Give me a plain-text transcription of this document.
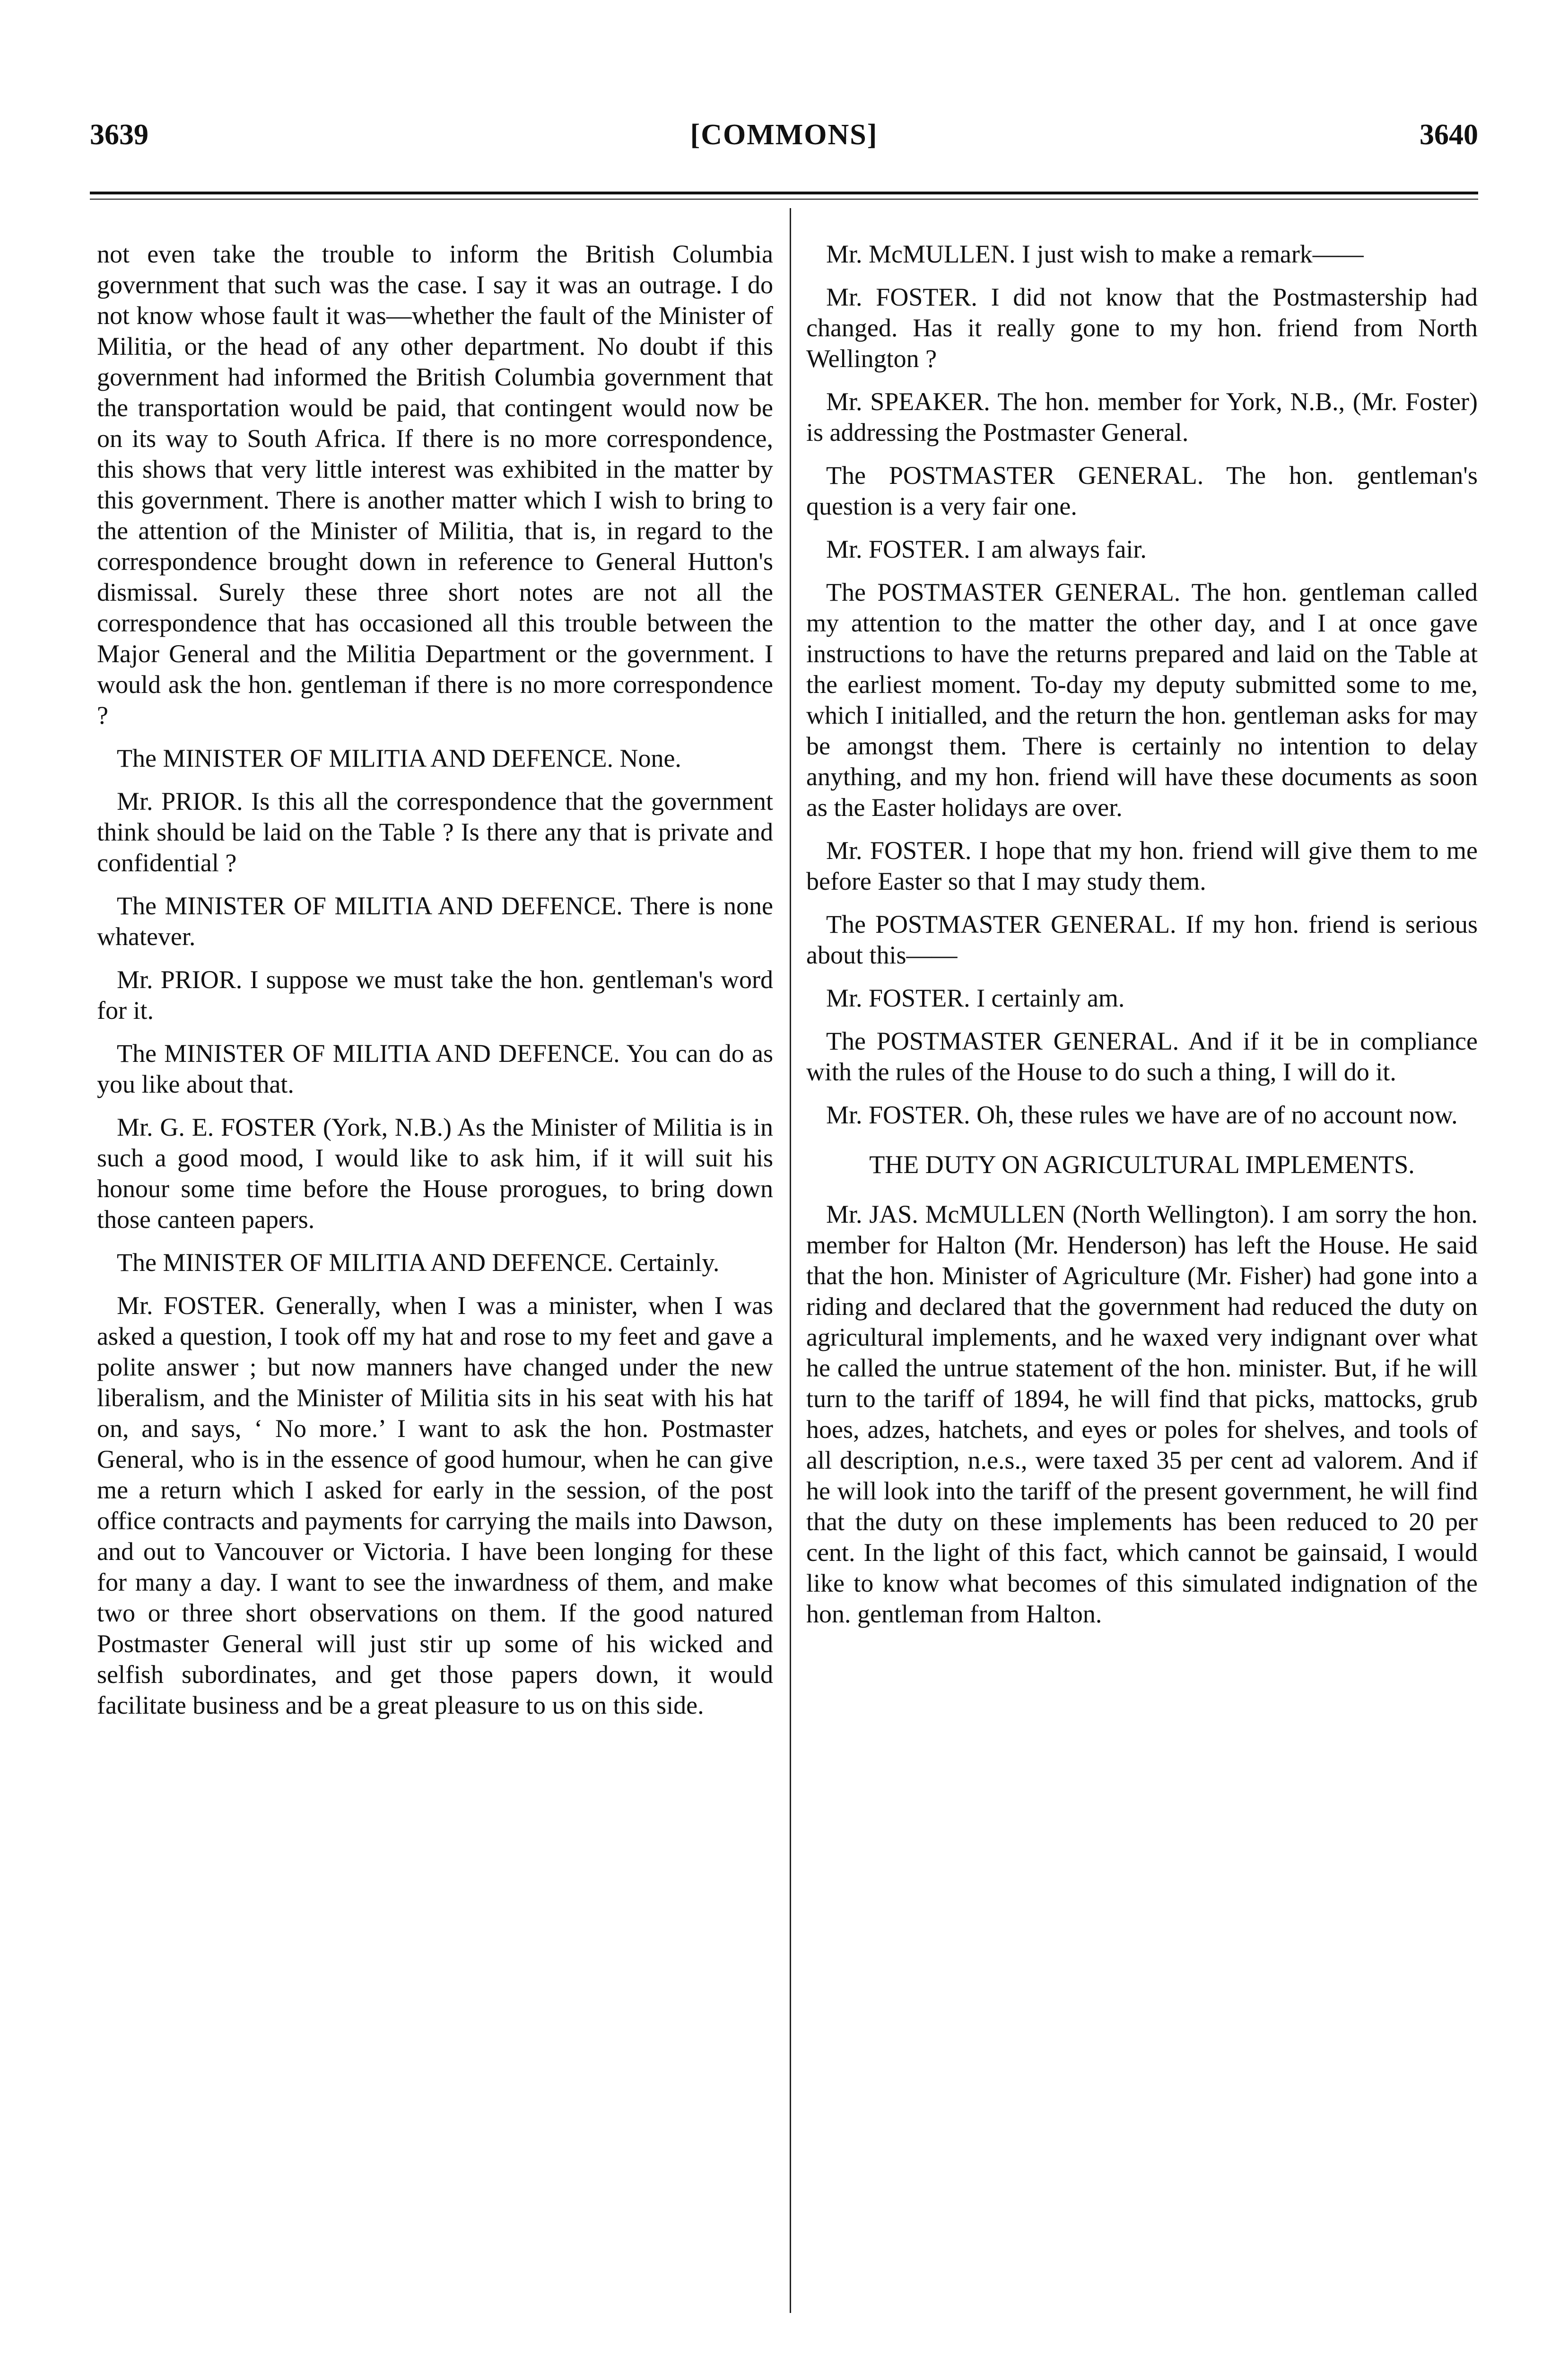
3639	[COMMONS]	3640

not even take the trouble to inform the British Columbia government that such was the case. I say it was an outrage. I do not know whose fault it was—whether the fault of the Minister of Militia, or the head of any other department. No doubt if this government had informed the British Columbia government that the transportation would be paid, that contingent would now be on its way to South Africa. If there is no more correspondence, this shows that very little interest was exhibited in the matter by this government. There is another matter which I wish to bring to the attention of the Minister of Militia, that is, in regard to the correspondence brought down in reference to General Hutton's dismissal. Surely these three short notes are not all the correspondence that has occasioned all this trouble between the Major General and the Militia Department or the government. I would ask the hon. gentleman if there is no more correspondence ?

The MINISTER OF MILITIA AND DEFENCE. None.

Mr. PRIOR. Is this all the correspondence that the government think should be laid on the Table ? Is there any that is private and confidential ?

The MINISTER OF MILITIA AND DEFENCE. There is none whatever.

Mr. PRIOR. I suppose we must take the hon. gentleman's word for it.

The MINISTER OF MILITIA AND DEFENCE. You can do as you like about that.

Mr. G. E. FOSTER (York, N.B.) As the Minister of Militia is in such a good mood, I would like to ask him, if it will suit his honour some time before the House prorogues, to bring down those canteen papers.

The MINISTER OF MILITIA AND DEFENCE. Certainly.

Mr. FOSTER. Generally, when I was a minister, when I was asked a question, I took off my hat and rose to my feet and gave a polite answer ; but now manners have changed under the new liberalism, and the Minister of Militia sits in his seat with his hat on, and says, ‘ No more.’ I want to ask the hon. Postmaster General, who is in the essence of good humour, when he can give me a return which I asked for early in the session, of the post office contracts and payments for carrying the mails into Dawson, and out to Vancouver or Victoria. I have been longing for these for many a day. I want to see the inwardness of them, and make two or three short observations on them. If the good natured Postmaster General will just stir up some of his wicked and selfish subordinates, and get those papers down, it would facilitate business and be a great pleasure to us on this side.

Mr. McMULLEN. I just wish to make a remark——

Mr. FOSTER. I did not know that the Postmastership had changed. Has it really gone to my hon. friend from North Wellington ?

Mr. SPEAKER. The hon. member for York, N.B., (Mr. Foster) is addressing the Postmaster General.

The POSTMASTER GENERAL. The hon. gentleman's question is a very fair one.

Mr. FOSTER. I am always fair.

The POSTMASTER GENERAL. The hon. gentleman called my attention to the matter the other day, and I at once gave instructions to have the returns prepared and laid on the Table at the earliest moment. To-day my deputy submitted some to me, which I initialled, and the return the hon. gentleman asks for may be amongst them. There is certainly no intention to delay anything, and my hon. friend will have these documents as soon as the Easter holidays are over.

Mr. FOSTER. I hope that my hon. friend will give them to me before Easter so that I may study them.

The POSTMASTER GENERAL. If my hon. friend is serious about this——

Mr. FOSTER. I certainly am.

The POSTMASTER GENERAL. And if it be in compliance with the rules of the House to do such a thing, I will do it.

Mr. FOSTER. Oh, these rules we have are of no account now.

THE DUTY ON AGRICULTURAL IMPLEMENTS.

Mr. JAS. McMULLEN (North Wellington). I am sorry the hon. member for Halton (Mr. Henderson) has left the House. He said that the hon. Minister of Agriculture (Mr. Fisher) had gone into a riding and declared that the government had reduced the duty on agricultural implements, and he waxed very indignant over what he called the untrue statement of the hon. minister. But, if he will turn to the tariff of 1894, he will find that picks, mattocks, grub hoes, adzes, hatchets, and eyes or poles for shelves, and tools of all description, n.e.s., were taxed 35 per cent ad valorem. And if he will look into the tariff of the present government, he will find that the duty on these implements has been reduced to 20 per cent. In the light of this fact, which cannot be gainsaid, I would like to know what becomes of this simulated indignation of the hon. gentleman from Halton.
